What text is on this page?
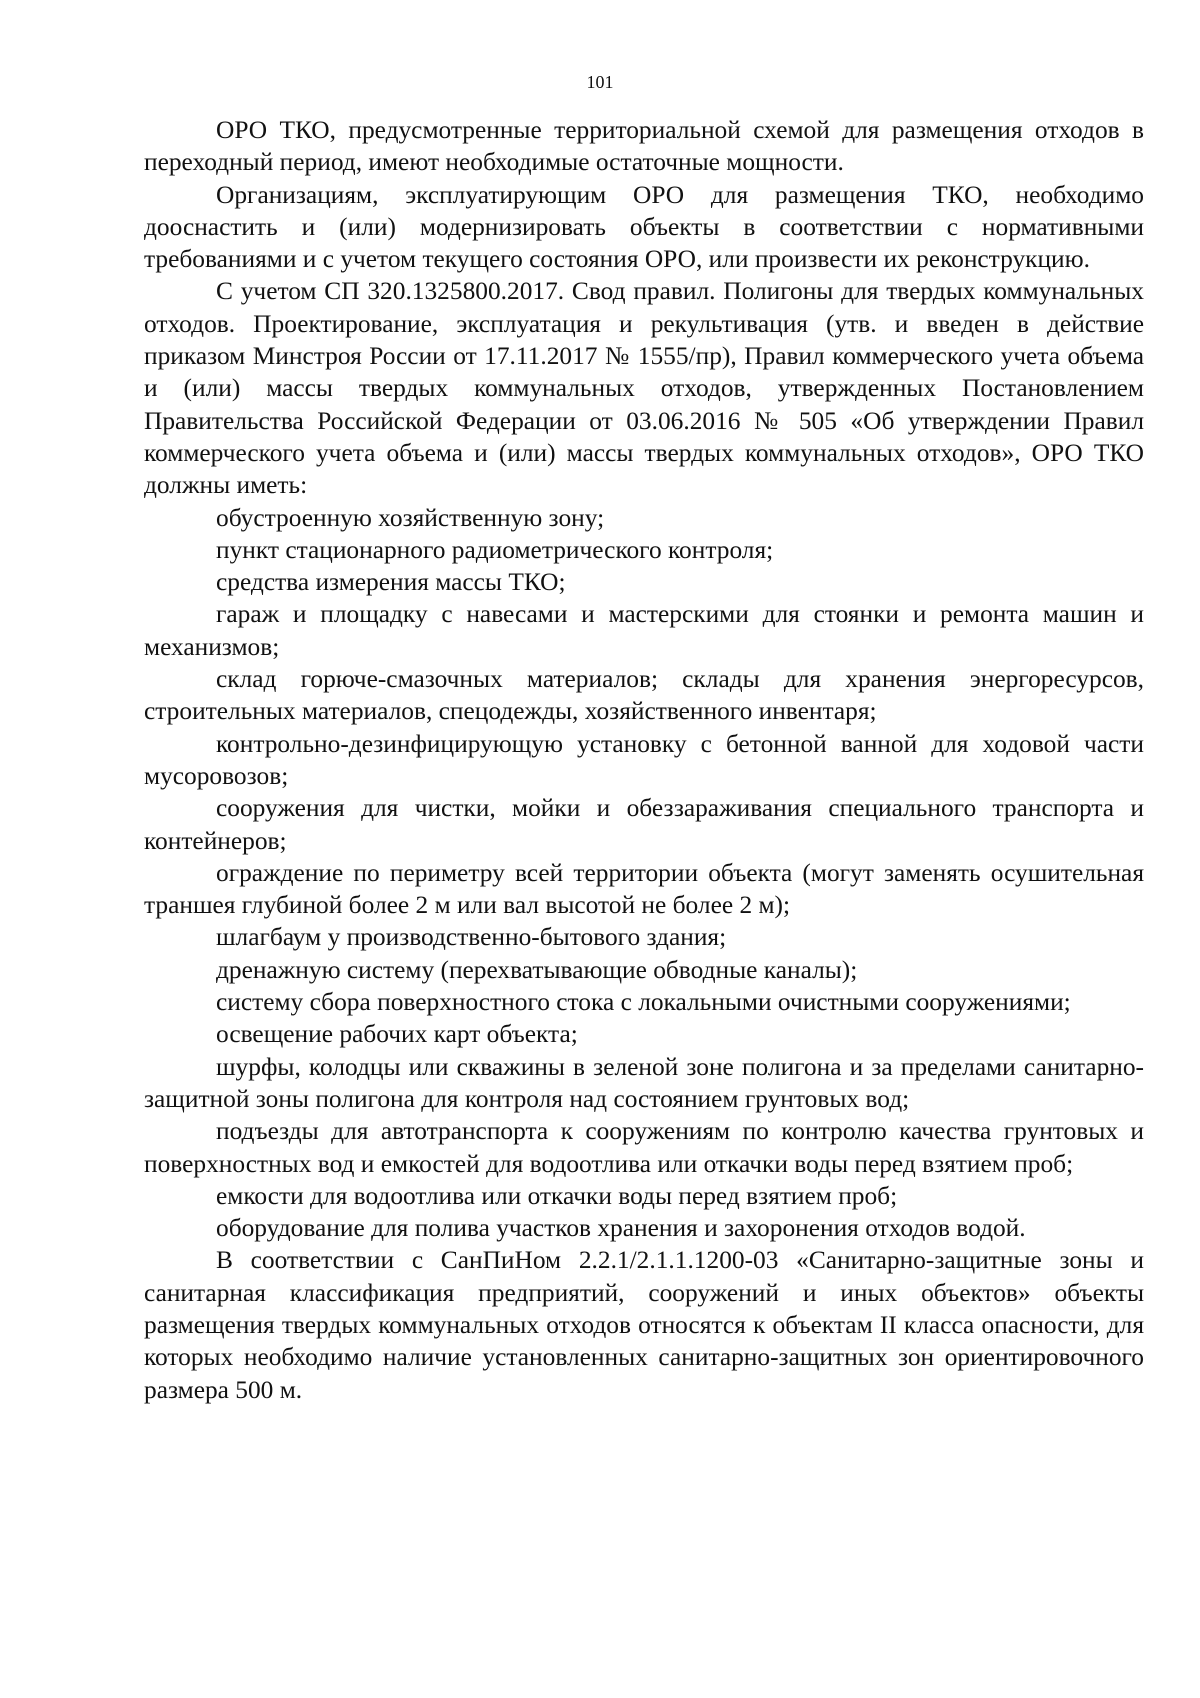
101

ОРО ТКО, предусмотренные территориальной схемой для размещения отходов в переходный период, имеют необходимые остаточные мощности.

Организациям, эксплуатирующим ОРО для размещения ТКО, необходимо дооснастить и (или) модернизировать объекты в соответствии с нормативными требованиями и с учетом текущего состояния ОРО, или произвести их реконструкцию.

С учетом СП 320.1325800.2017. Свод правил. Полигоны для твердых коммунальных отходов. Проектирование, эксплуатация и рекультивация (утв. и введен в действие приказом Минстроя России от 17.11.2017 № 1555/пр), Правил коммерческого учета объема и (или) массы твердых коммунальных отходов, утвержденных Постановлением Правительства Российской Федерации от 03.06.2016 № 505 «Об утверждении Правил коммерческого учета объема и (или) массы твердых коммунальных отходов», ОРО ТКО должны иметь:

обустроенную хозяйственную зону;

пункт стационарного радиометрического контроля;

средства измерения массы ТКО;

гараж и площадку с навесами и мастерскими для стоянки и ремонта машин и механизмов;

склад горюче-смазочных материалов; склады для хранения энергоресурсов, строительных материалов, спецодежды, хозяйственного инвентаря;

контрольно-дезинфицирующую установку с бетонной ванной для ходовой части мусоровозов;

сооружения для чистки, мойки и обеззараживания специального транспорта и контейнеров;

ограждение по периметру всей территории объекта (могут заменять осушительная траншея глубиной более 2 м или вал высотой не более 2 м);

шлагбаум у производственно-бытового здания;

дренажную систему (перехватывающие обводные каналы);

систему сбора поверхностного стока с локальными очистными сооружениями;

освещение рабочих карт объекта;

шурфы, колодцы или скважины в зеленой зоне полигона и за пределами санитарно-защитной зоны полигона для контроля над состоянием грунтовых вод;

подъезды для автотранспорта к сооружениям по контролю качества грунтовых и поверхностных вод и емкостей для водоотлива или откачки воды перед взятием проб;

емкости для водоотлива или откачки воды перед взятием проб;

оборудование для полива участков хранения и захоронения отходов водой.

В соответствии с СанПиНом 2.2.1/2.1.1.1200-03 «Санитарно-защитные зоны и санитарная классификация предприятий, сооружений и иных объектов» объекты размещения твердых коммунальных отходов относятся к объектам II класса опасности, для которых необходимо наличие установленных санитарно-защитных зон ориентировочного размера 500 м.
